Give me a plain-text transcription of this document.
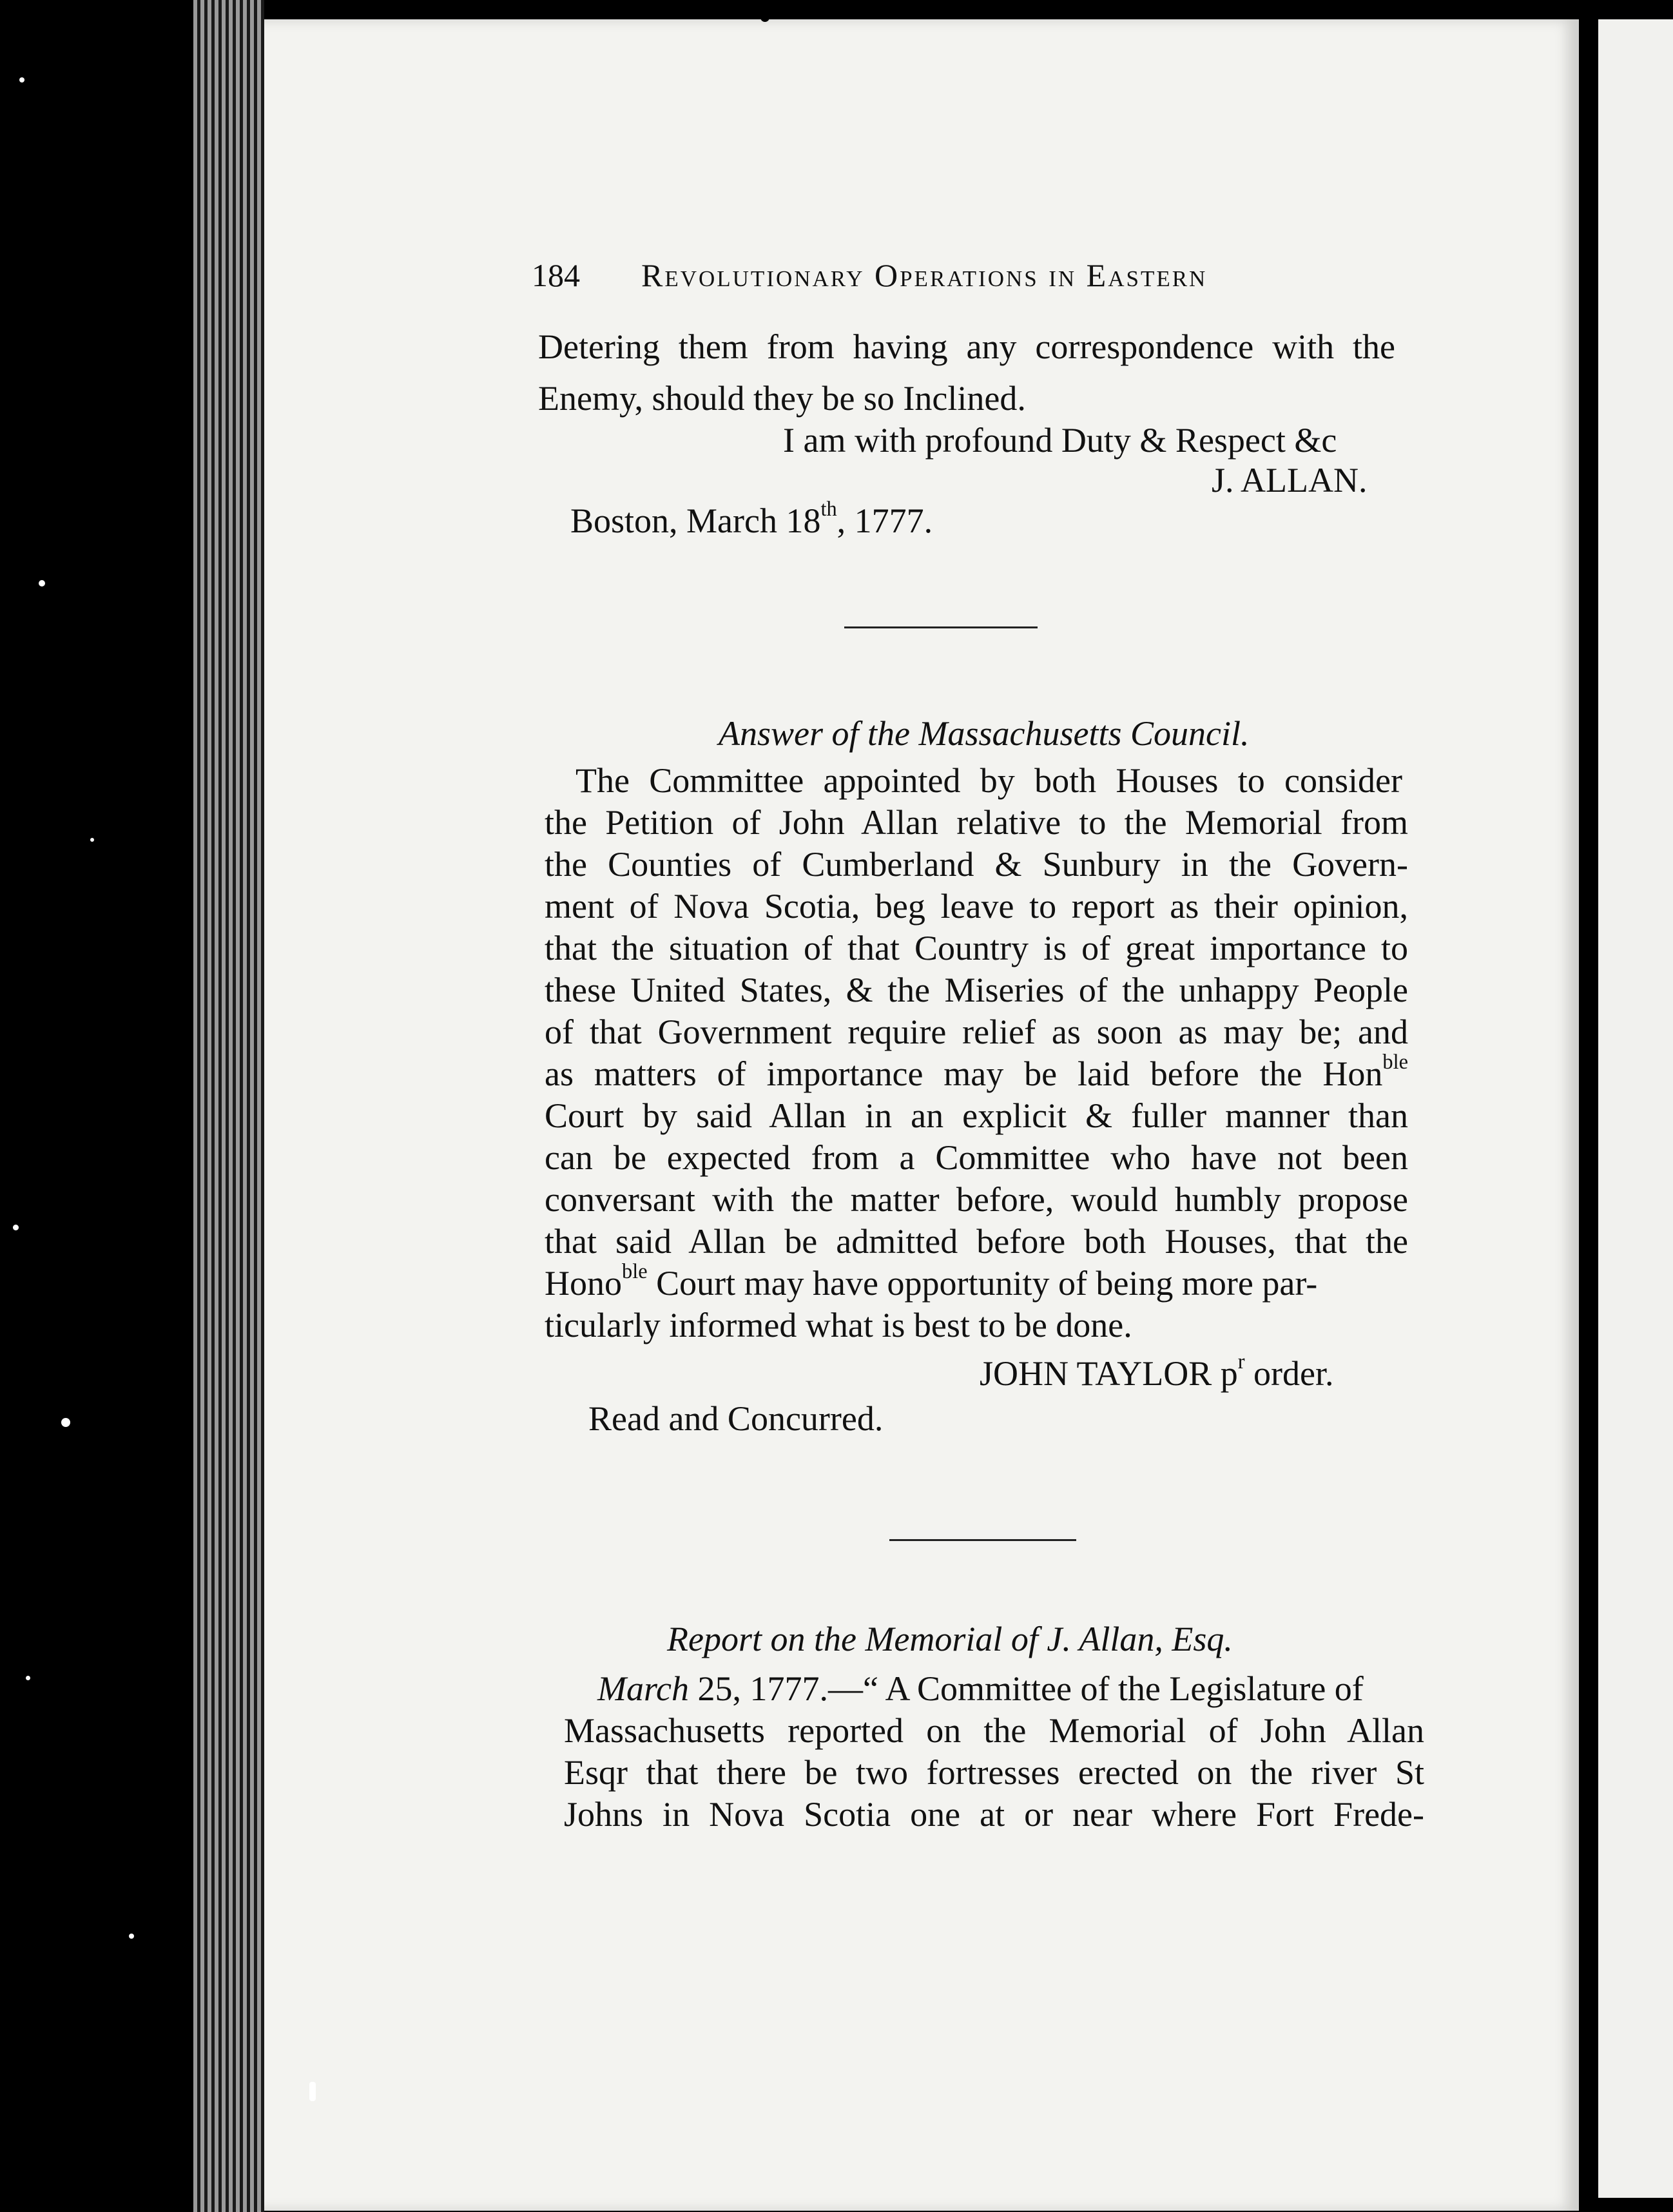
184 Revolutionary Operations in Eastern
Detering them from having any correspondence with the
Enemy, should they be so Inclined.
I am with profound Duty & Respect &c
J. ALLAN.
Boston, March 18th, 1777.
Answer of the Massachusetts Council.
The Committee appointed by both Houses to consider
the Petition of John Allan relative to the Memorial from
the Counties of Cumberland & Sunbury in the Govern-
ment of Nova Scotia, beg leave to report as their opinion,
that the situation of that Country is of great importance to
these United States, & the Miseries of the unhappy People
of that Government require relief as soon as may be; and
as matters of importance may be laid before the Hon$^{ble}$
Court by said Allan in an explicit & fuller manner than
can be expected from a Committee who have not been
conversant with the matter before, would humbly propose
that said Allan be admitted before both Houses, that the
Hono$^{ble}$ Court may have opportunity of being more par-
ticularly informed what is best to be done.
JOHN TAYLOR $p^r$ order.
Read and Concurred.
Report on the Memorial of J. Allan, Esq.
March 25, 1777.—“ A Committee of the Legislature of
Massachusetts reported on the Memorial of John Allan
Esqr that there be two fortresses erected on the river St
Johns in Nova Scotia one at or near where Fort Frede-
